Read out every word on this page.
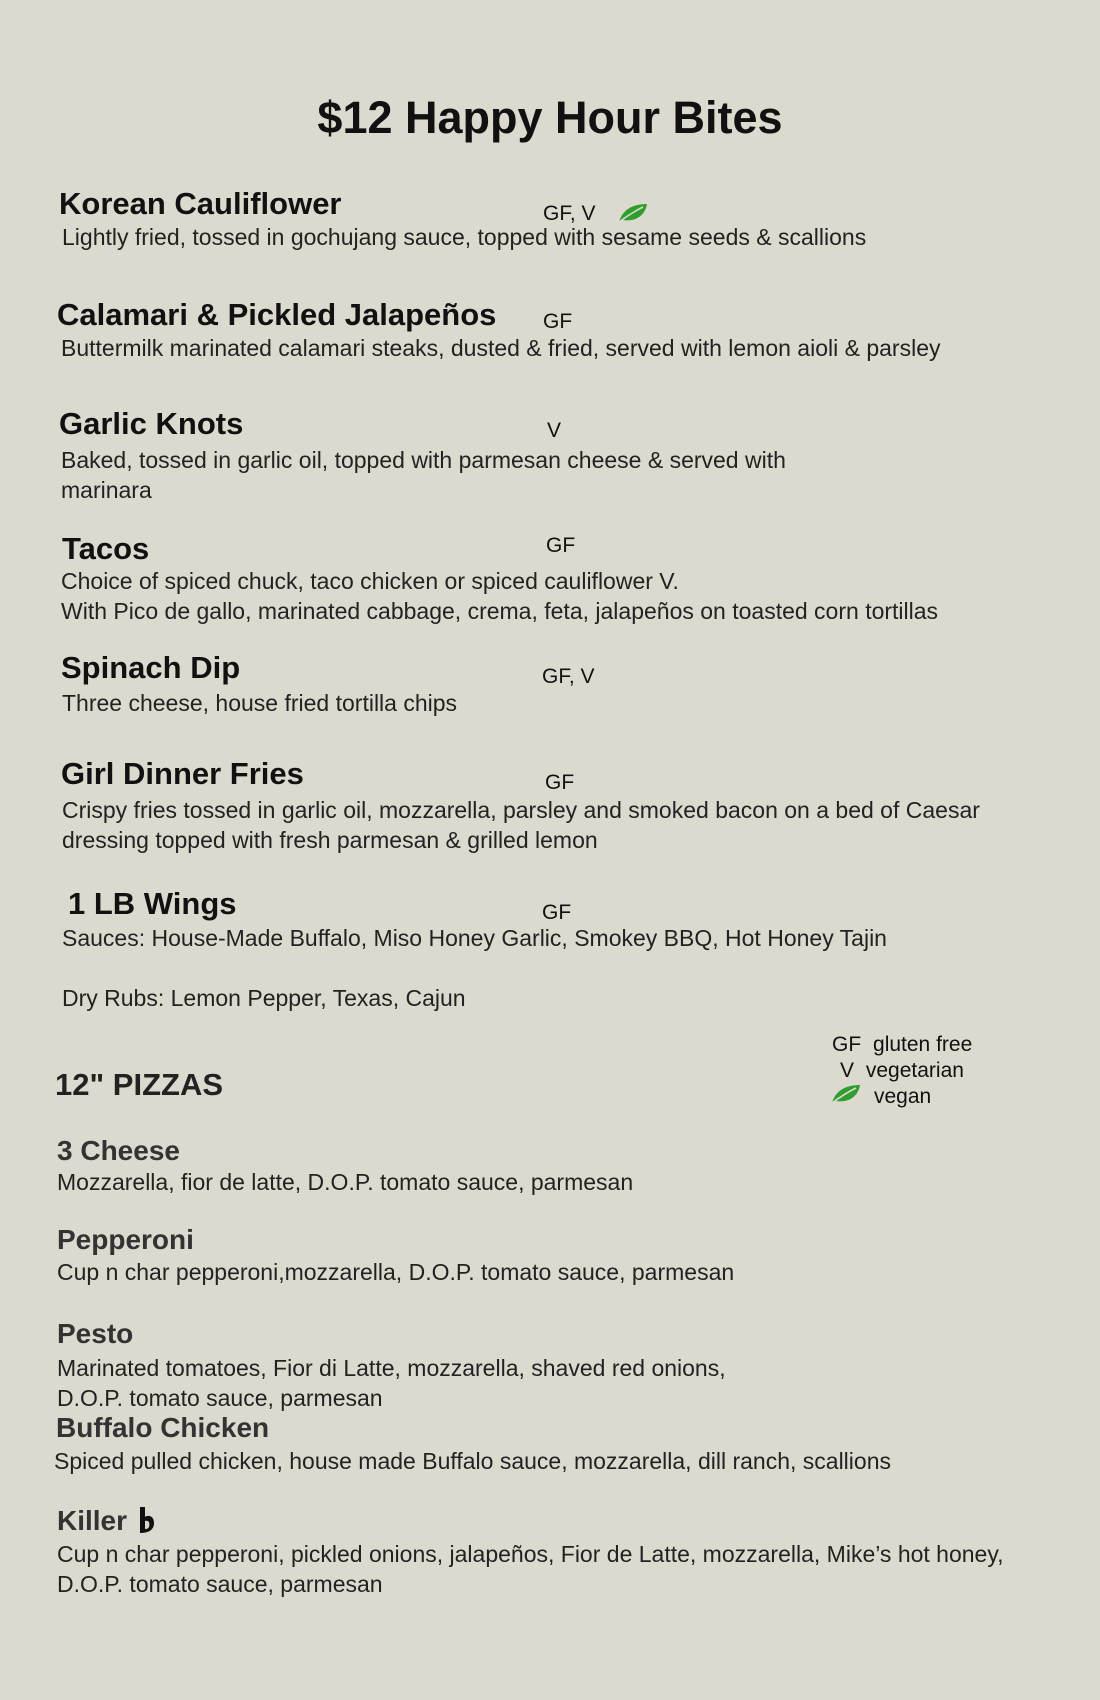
$12 Happy Hour Bites
Korean Cauliflower	GF, V
Lightly fried, tossed in gochujang sauce, topped with sesame seeds & scallions
Calamari & Pickled Jalapeños GF
Buttermilk marinated calamari steaks, dusted & fried, served with lemon aioli & parsley
Garlic Knots	V
Baked, tossed in garlic oil, topped with parmesan cheese & served with marinara
Tacos	GF
Choice of spiced chuck, taco chicken or spiced cauliflower V.
With Pico de gallo, marinated cabbage, crema, feta, jalapeños on toasted corn tortillas
Spinach Dip	GF, V
Three cheese, house fried tortilla chips
Girl Dinner Fries	GF
Crispy fries tossed in garlic oil, mozzarella, parsley and smoked bacon on a bed of Caesar dressing topped with fresh parmesan & grilled lemon
1 LB Wings	GF
Sauces: House-Made Buffalo, Miso Honey Garlic, Smokey BBQ, Hot Honey Tajin
Dry Rubs: Lemon Pepper, Texas, Cajun
GF gluten free
V vegetarian
vegan
12" PIZZAS
3 Cheese
Mozzarella, fior de latte, D.O.P. tomato sauce, parmesan
Pepperoni
Cup n char pepperoni,mozzarella, D.O.P. tomato sauce, parmesan
Pesto
Marinated tomatoes, Fior di Latte, mozzarella, shaved red onions, D.O.P. tomato sauce, parmesan
Buffalo Chicken
Spiced pulled chicken, house made Buffalo sauce, mozzarella, dill ranch, scallions
Killer
Cup n char pepperoni, pickled onions, jalapeños, Fior de Latte, mozzarella, Mike’s hot honey, D.O.P. tomato sauce, parmesan
